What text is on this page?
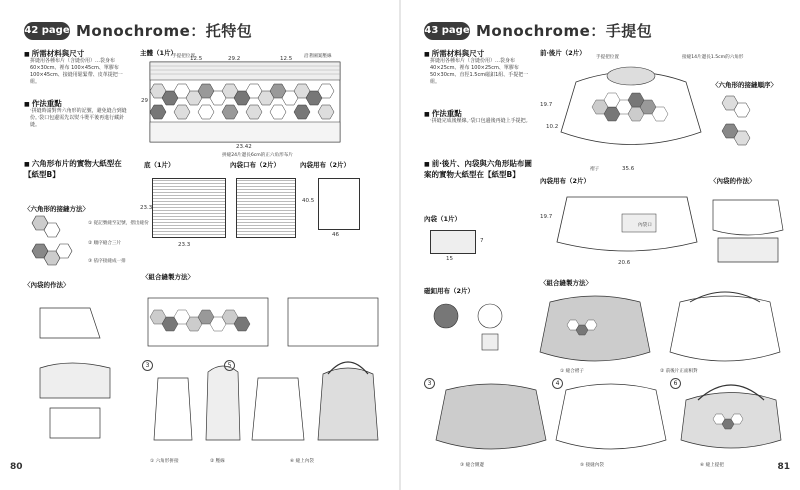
42 page Monochrome：托特包
■ 所需材料與尺寸
拼縫用各種布片（含縫份用）…袋身布 60×30cm、裡布 100×45cm、單膠布 100×45cm、接縫用鬆緊帶、皮革提把一組。
■ 作法重點
‧拼縫時請對齊六角形的記號，避免縫合到縫份。‧袋口包邊需先以熨斗燙平後再進行藏針縫。
■ 六角形布片的實物大紙型在【紙型B】
〈六角形的接縫方法〉
① 從記號縫至記號，摺出縫份
② 順序縫合三片
③ 依序接縫成一排
主體（1片）
29
12.5	29.2	12.5
23.42
手提把位置	沿著圖案壓線
拼縫24片邊長6cm的正六角形布片
底（1片）
23.3
23.3
內袋口布（2片）	內袋用布（2片）
40.5
46
〈內袋的作法〉
〈組合縫製方法〉
3	5
① 六角形拼接	② 壓線	⑥ 縫上內袋
80
43 page Monochrome：手提包
■ 所需材料與尺寸
拼縫用各種布片（含縫份用）…袋身布 40×25cm、裡布 100×25cm、單膠布 50×30cm、直徑1.5cm磁釦1組、手提把一組。
■ 作法重點
‧拼縫完成後壓線。‧袋口包邊後再縫上手提把。
■ 前‧後片、內袋與六角形貼布圖案的實物大紙型在【紙型B】
前‧後片（2片）
19.7
10.2
35.6
手提把位置	接縫14片邊長1.5cm的六角形
褶子
〈六角形的接縫順序〉
內袋用布（2片）
19.7
20.6
內袋口
〈內袋的作法〉
內袋（1片）
15
7
磁釦用布（2片）
〈組合縫製方法〉
3	4	6
① 縫合褶子	② 前後片正面相對
③ 縫合側邊	⑤ 接縫內袋	⑥ 縫上提把	81
